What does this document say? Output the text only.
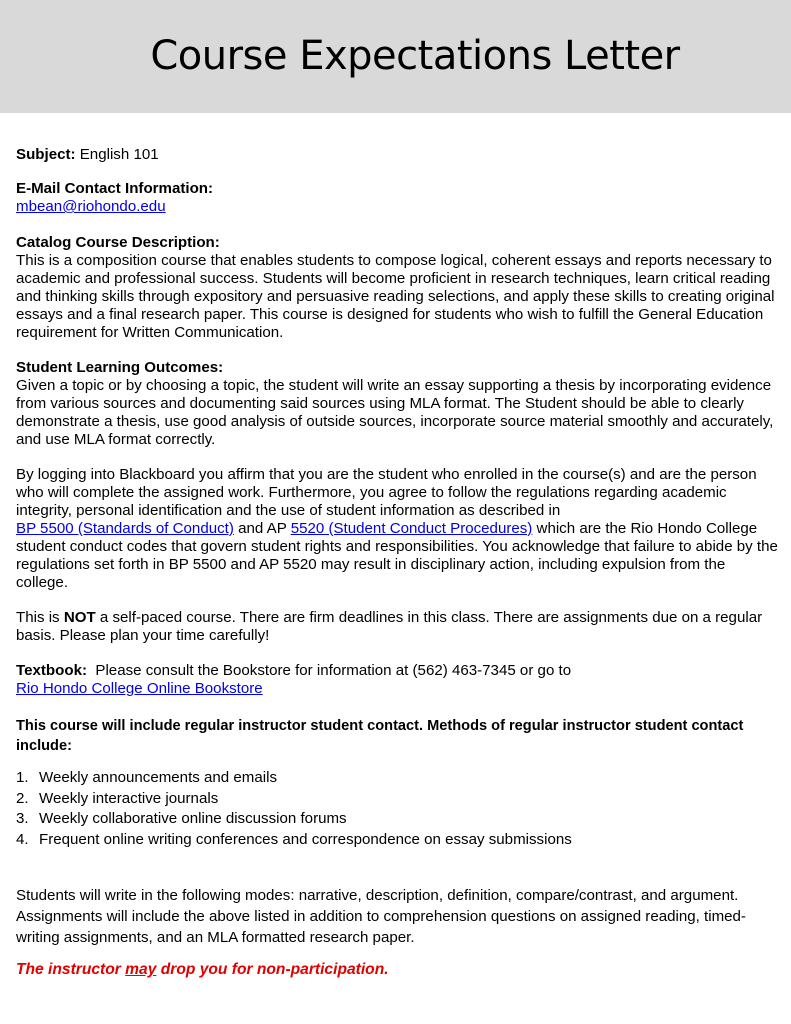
Course Expectations Letter
Subject: English 101
E-Mail Contact Information:
mbean@riohondo.edu
Catalog Course Description:
This is a composition course that enables students to compose logical, coherent essays and reports necessary to academic and professional success. Students will become proficient in research techniques, learn critical reading and thinking skills through expository and persuasive reading selections, and apply these skills to creating original essays and a final research paper. This course is designed for students who wish to fulfill the General Education requirement for Written Communication.
Student Learning Outcomes:
Given a topic or by choosing a topic, the student will write an essay supporting a thesis by incorporating evidence from various sources and documenting said sources using MLA format. The Student should be able to clearly demonstrate a thesis, use good analysis of outside sources, incorporate source material smoothly and accurately, and use MLA format correctly.
By logging into Blackboard you affirm that you are the student who enrolled in the course(s) and are the person who will complete the assigned work. Furthermore, you agree to follow the regulations regarding academic integrity, personal identification and the use of student information as described in
BP 5500 (Standards of Conduct) and AP 5520 (Student Conduct Procedures) which are the Rio Hondo College student conduct codes that govern student rights and responsibilities. You acknowledge that failure to abide by the regulations set forth in BP 5500 and AP 5520 may result in disciplinary action, including expulsion from the college.
This is NOT a self-paced course. There are firm deadlines in this class. There are assignments due on a regular basis. Please plan your time carefully!
Textbook:  Please consult the Bookstore for information at (562) 463-7345 or go to
Rio Hondo College Online Bookstore
This course will include regular instructor student contact. Methods of regular instructor student contact include:
1. Weekly announcements and emails
2. Weekly interactive journals
3. Weekly collaborative online discussion forums
4. Frequent online writing conferences and correspondence on essay submissions
Students will write in the following modes: narrative, description, definition, compare/contrast, and argument. Assignments will include the above listed in addition to comprehension questions on assigned reading, timed-writing assignments, and an MLA formatted research paper.
The instructor may drop you for non-participation.
